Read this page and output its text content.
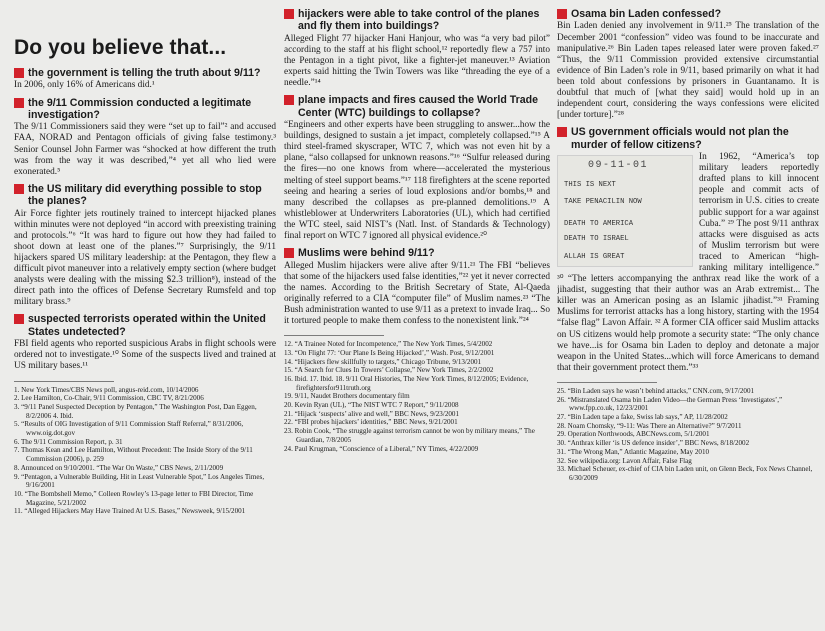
Do you believe that...
the government is telling the truth about 9/11?
In 2006, only 16% of Americans did.¹
the 9/11 Commission conducted a legitimate investigation?
The 9/11 Commissioners said they were “set up to fail”² and accused FAA, NORAD and Pentagon officials of giving false testimony.³ Senior Counsel John Farmer was “shocked at how different the truth was from the way it was described,”⁴ yet all who lied were exonerated.⁵
the US military did everything possible to stop the planes?
Air Force fighter jets routinely trained to intercept hijacked planes within minutes were not deployed “in accord with preexisting training and protocols.”⁶ “It was hard to figure out how they had failed to shoot down at least one of the planes.”⁷ Surprisingly, the 9/11 hijackers spared US military leadership: at the Pentagon, they flew a difficult pivot maneuver into a relatively empty section (where budget analysts were dealing with the missing $2.3 trillion⁸), instead of the direct path into the offices of Defense Secretary Rumsfeld and top military brass.⁹
suspected terrorists operated within the United States undetected?
FBI field agents who reported suspicious Arabs in flight schools were ordered not to investigate.¹⁰ Some of the suspects lived and trained at US military bases.¹¹
1. New York Times/CBS News poll, angus-reid.com, 10/14/2006
2. Lee Hamilton, Co-Chair, 9/11 Commission, CBC TV, 8/21/2006
3. “9/11 Panel Suspected Deception by Pentagon,” The Washington Post, Dan Eggen, 8/2/2006 4. Ibid.
5. “Results of OIG Investigation of 9/11 Commission Staff Referral,” 8/31/2006, www.oig.dot.gov
6. The 9/11 Commission Report, p. 31
7. Thomas Kean and Lee Hamilton, Without Precedent: The Inside Story of the 9/11 Commission (2006), p. 259
8. Announced on 9/10/2001. “The War On Waste,” CBS News, 2/11/2009
9. “Pentagon, a Vulnerable Building, Hit in Least Vulnerable Spot,” Los Angeles Times, 9/16/2001
10. “The Bombshell Memo,” Colleen Rowley’s 13-page letter to FBI Director, Time Magazine, 5/21/2002
11. “Alleged Hijackers May Have Trained At U.S. Bases,” Newsweek, 9/15/2001
hijackers were able to take control of the planes and fly them into buildings?
Alleged Flight 77 hijacker Hani Hanjour, who was “a very bad pilot” according to the staff at his flight school,¹² reportedly flew a 757 into the Pentagon in a tight pivot, like a fighter-jet maneuver.¹³ Aviation experts said hitting the Twin Towers was like “threading the eye of a needle.”¹⁴
plane impacts and fires caused the World Trade Center (WTC) buildings to collapse?
“Engineers and other experts have been struggling to answer...how the buildings, designed to sustain a jet impact, completely collapsed.”¹⁵ A third steel-framed skyscraper, WTC 7, which was not even hit by a plane, “also collapsed for unknown reasons.”¹⁶ “Sulfur released during the fires—no one knows from where—accelerated the mysterious melting of steel support beams.”¹⁷ 118 firefighters at the scene reported seeing and hearing a series of loud explosions and/or bombs,¹⁸ and many described the collapses as pre-planned demolitions.¹⁹ A whistleblower at Underwriters Laboratories (UL), which had certified the WTC steel, said NIST’s (Natl. Inst. of Standards & Technology) final report on WTC 7 ignored all physical evidence.²⁰
Muslims were behind 9/11?
Alleged Muslim hijackers were alive after 9/11.²¹ The FBI “believes that some of the hijackers used false identities,”²² yet it never corrected the names. According to the British Secretary of State, Al-Qaeda originally referred to a CIA “computer file” of Muslim names.²³ “The Bush administration wanted to use 9/11 as a pretext to invade Iraq... So it tortured people to make them confess to the nonexistent link.”²⁴
12. “A Trainee Noted for Incompetence,” The New York Times, 5/4/2002
13. “On Flight 77: ‘Our Plane Is Being Hijacked’,” Wash. Post, 9/12/2001
14. “Hijackers flew skillfully to targets,” Chicago Tribune, 9/13/2001
15. “A Search for Clues In Towers’ Collapse,” New York Times, 2/2/2002
16. Ibid. 17. Ibid. 18. 9/11 Oral Histories, The New York Times, 8/12/2005; Evidence, firefightersfor911truth.org
19. 9/11, Naudet Brothers documentary film
20. Kevin Ryan (UL), “The NIST WTC 7 Report,” 9/11/2008
21. “Hijack ‘suspects’ alive and well,” BBC News, 9/23/2001
22. “FBI probes hijackers’ identities,” BBC News, 9/21/2001
23. Robin Cook, “The struggle against terrorism cannot be won by military means,” The Guardian, 7/8/2005
24. Paul Krugman, “Conscience of a Liberal,” NY Times, 4/22/2009
Osama bin Laden confessed?
Bin Laden denied any involvement in 9/11.²⁵ The translation of the December 2001 “confession” video was found to be inaccurate and manipulative.²⁶ Bin Laden tapes released later were proven faked.²⁷ “Thus, the 9/11 Commission provided extensive circumstantial evidence of Bin Laden’s role in 9/11, based primarily on what it had been told about confessions by prisoners in Guantanamo. It is doubtful that much of [what they said] would hold up in an independent court, considering the ways confessions were elicited [under torture].”²⁸
US government officials would not plan the murder of fellow citizens?
09-11-01
THIS IS NEXT
TAKE PENACILIN NOW
DEATH TO AMERICA
DEATH TO ISRAEL
ALLAH IS GREAT
In 1962, “America’s top military leaders reportedly drafted plans to kill innocent people and commit acts of terrorism in U.S. cities to create public support for a war against Cuba.” ²⁹ The post 9/11 anthrax attacks were disguised as acts of Muslim terrorism but were traced to American “high-ranking military intelligence.” ³⁰ “The letters accompanying the anthrax read like the work of a jihadist, suggesting that their author was an Arab extremist... The killer was an American posing as an Islamic jihadist.”³¹ Framing Muslims for terrorist attacks has a long history, starting with the 1954 “false flag” Lavon Affair. ³² A former CIA officer said Muslim attacks on US citizens would help promote a security state: “The only chance we have...is for Osama bin Laden to deploy and detonate a major weapon in the United States...which will force Americans to demand that their government protect them.”³³
25. “Bin Laden says he wasn’t behind attacks,” CNN.com, 9/17/2001
26. “Mistranslated Osama bin Laden Video—the German Press ‘Investigates’,” www.fpp.co.uk, 12/23/2001
27. “Bin Laden tape a fake, Swiss lab says,” AP, 11/28/2002
28. Noam Chomsky, “9-11: Was There an Alternative?” 9/7/2011
29. Operation Northwoods, ABCNews.com, 5/1/2001
30. “Anthrax killer ‘is US defence insider’,” BBC News, 8/18/2002
31. “The Wrong Man,” Atlantic Magazine, May 2010
32. See wikipedia.org: Lavon Affair, False Flag
33. Michael Scheuer, ex-chief of CIA bin Laden unit, on Glenn Beck, Fox News Channel, 6/30/2009
